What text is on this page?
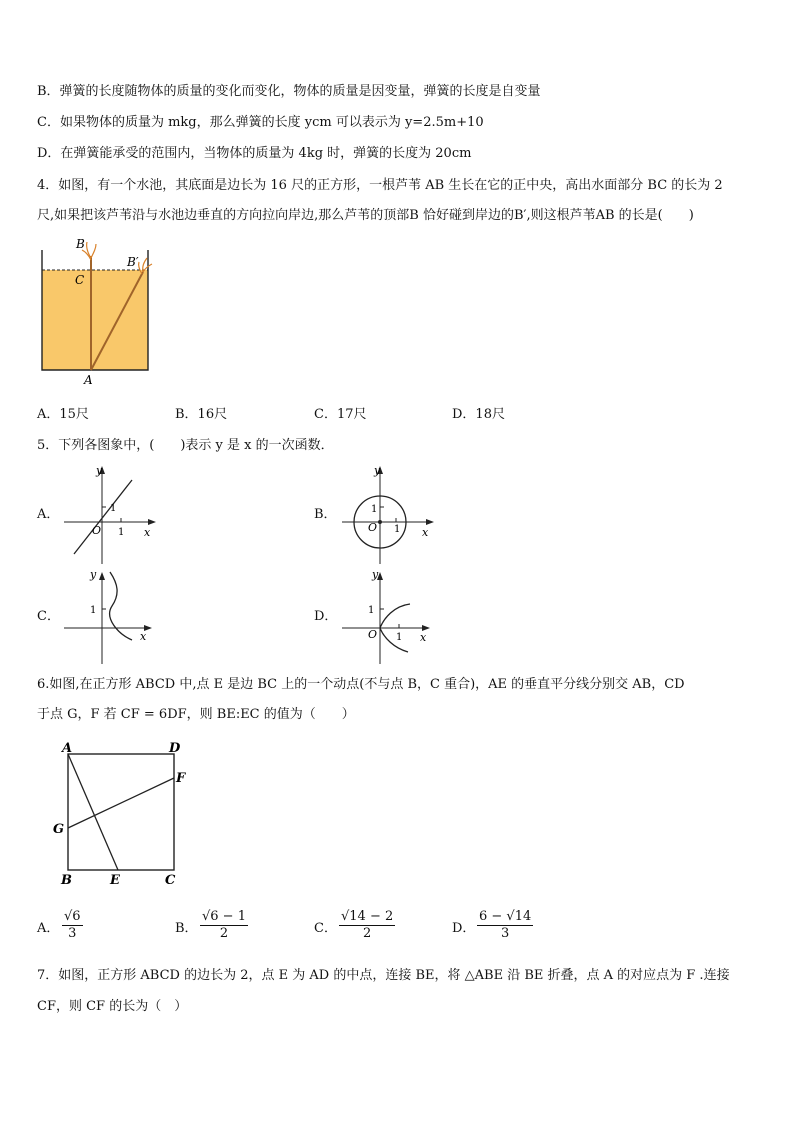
B．弹簧的长度随物体的质量的变化而变化，物体的质量是因变量，弹簧的长度是自变量
C．如果物体的质量为 mkg，那么弹簧的长度 ycm 可以表示为 y=2.5m+10
D．在弹簧能承受的范围内，当物体的质量为 4kg 时，弹簧的长度为 20cm
4．如图，有一个水池，其底面是边长为 16 尺的正方形，一根芦苇 AB 生长在它的正中央，高出水面部分 BC 的长为 2
尺,如果把该芦苇沿与水池边垂直的方向拉向岸边,那么芦苇的顶部B 恰好碰到岸边的B′,则这根芦苇AB 的长是(　　)
B
B′
C
A
A．15尺	B．16尺	C．17尺	D．18尺
5．下列各图象中，(　　)表示 y 是 x 的一次函数．
A．
y
x
O
1
1
B．
y
x
O
1
1
C．
y
x
1	D．
y
x
O
1
1
6.如图,在正方形 ABCD 中,点 E 是边 BC 上的一个动点(不与点 B，C 重合)，AE 的垂直平分线分别交 AB，CD
于点 G，F 若 CF = 6DF，则 BE:EC 的值为（　　）
A	D
F
G
B	E	C
A． $\frac{√6}{3}$	B． $\frac{√6 - 1}{2}$	C． $\frac{√14 - 2}{2}$	D． $\frac{6 - √14}{3}$
7．如图，正方形 ABCD 的边长为 2，点 E 为 AD 的中点，连接 BE，将 △ABE 沿 BE 折叠，点 A 的对应点为 F .连接
CF，则 CF 的长为（　）
